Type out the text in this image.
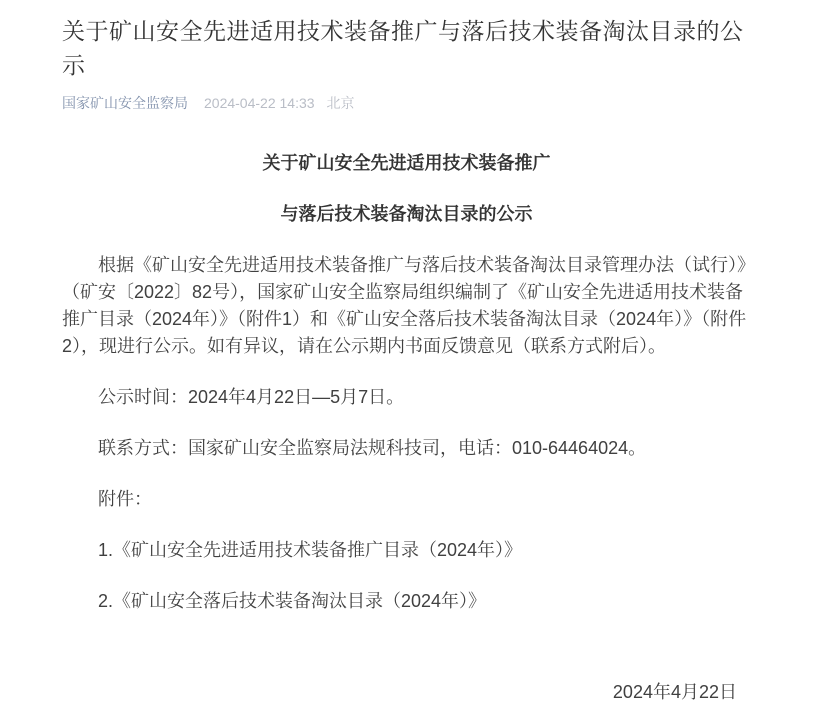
关于矿山安全先进适用技术装备推广与落后技术装备淘汰目录的公示
国家矿山安全监察局 2024-04-22 14:33 北京

关于矿山安全先进适用技术装备推广

与落后技术装备淘汰目录的公示

根据《矿山安全先进适用技术装备推广与落后技术装备淘汰目录管理办法（试行）》（矿安〔2022〕82号），国家矿山安全监察局组织编制了《矿山安全先进适用技术装备推广目录（2024年）》（附件1）和《矿山安全落后技术装备淘汰目录（2024年）》（附件2），现进行公示。如有异议，请在公示期内书面反馈意见（联系方式附后）。

公示时间：2024年4月22日—5月7日。

联系方式：国家矿山安全监察局法规科技司，电话：010-64464024。

附件：

1.《矿山安全先进适用技术装备推广目录（2024年）》

2.《矿山安全落后技术装备淘汰目录（2024年）》

2024年4月22日
